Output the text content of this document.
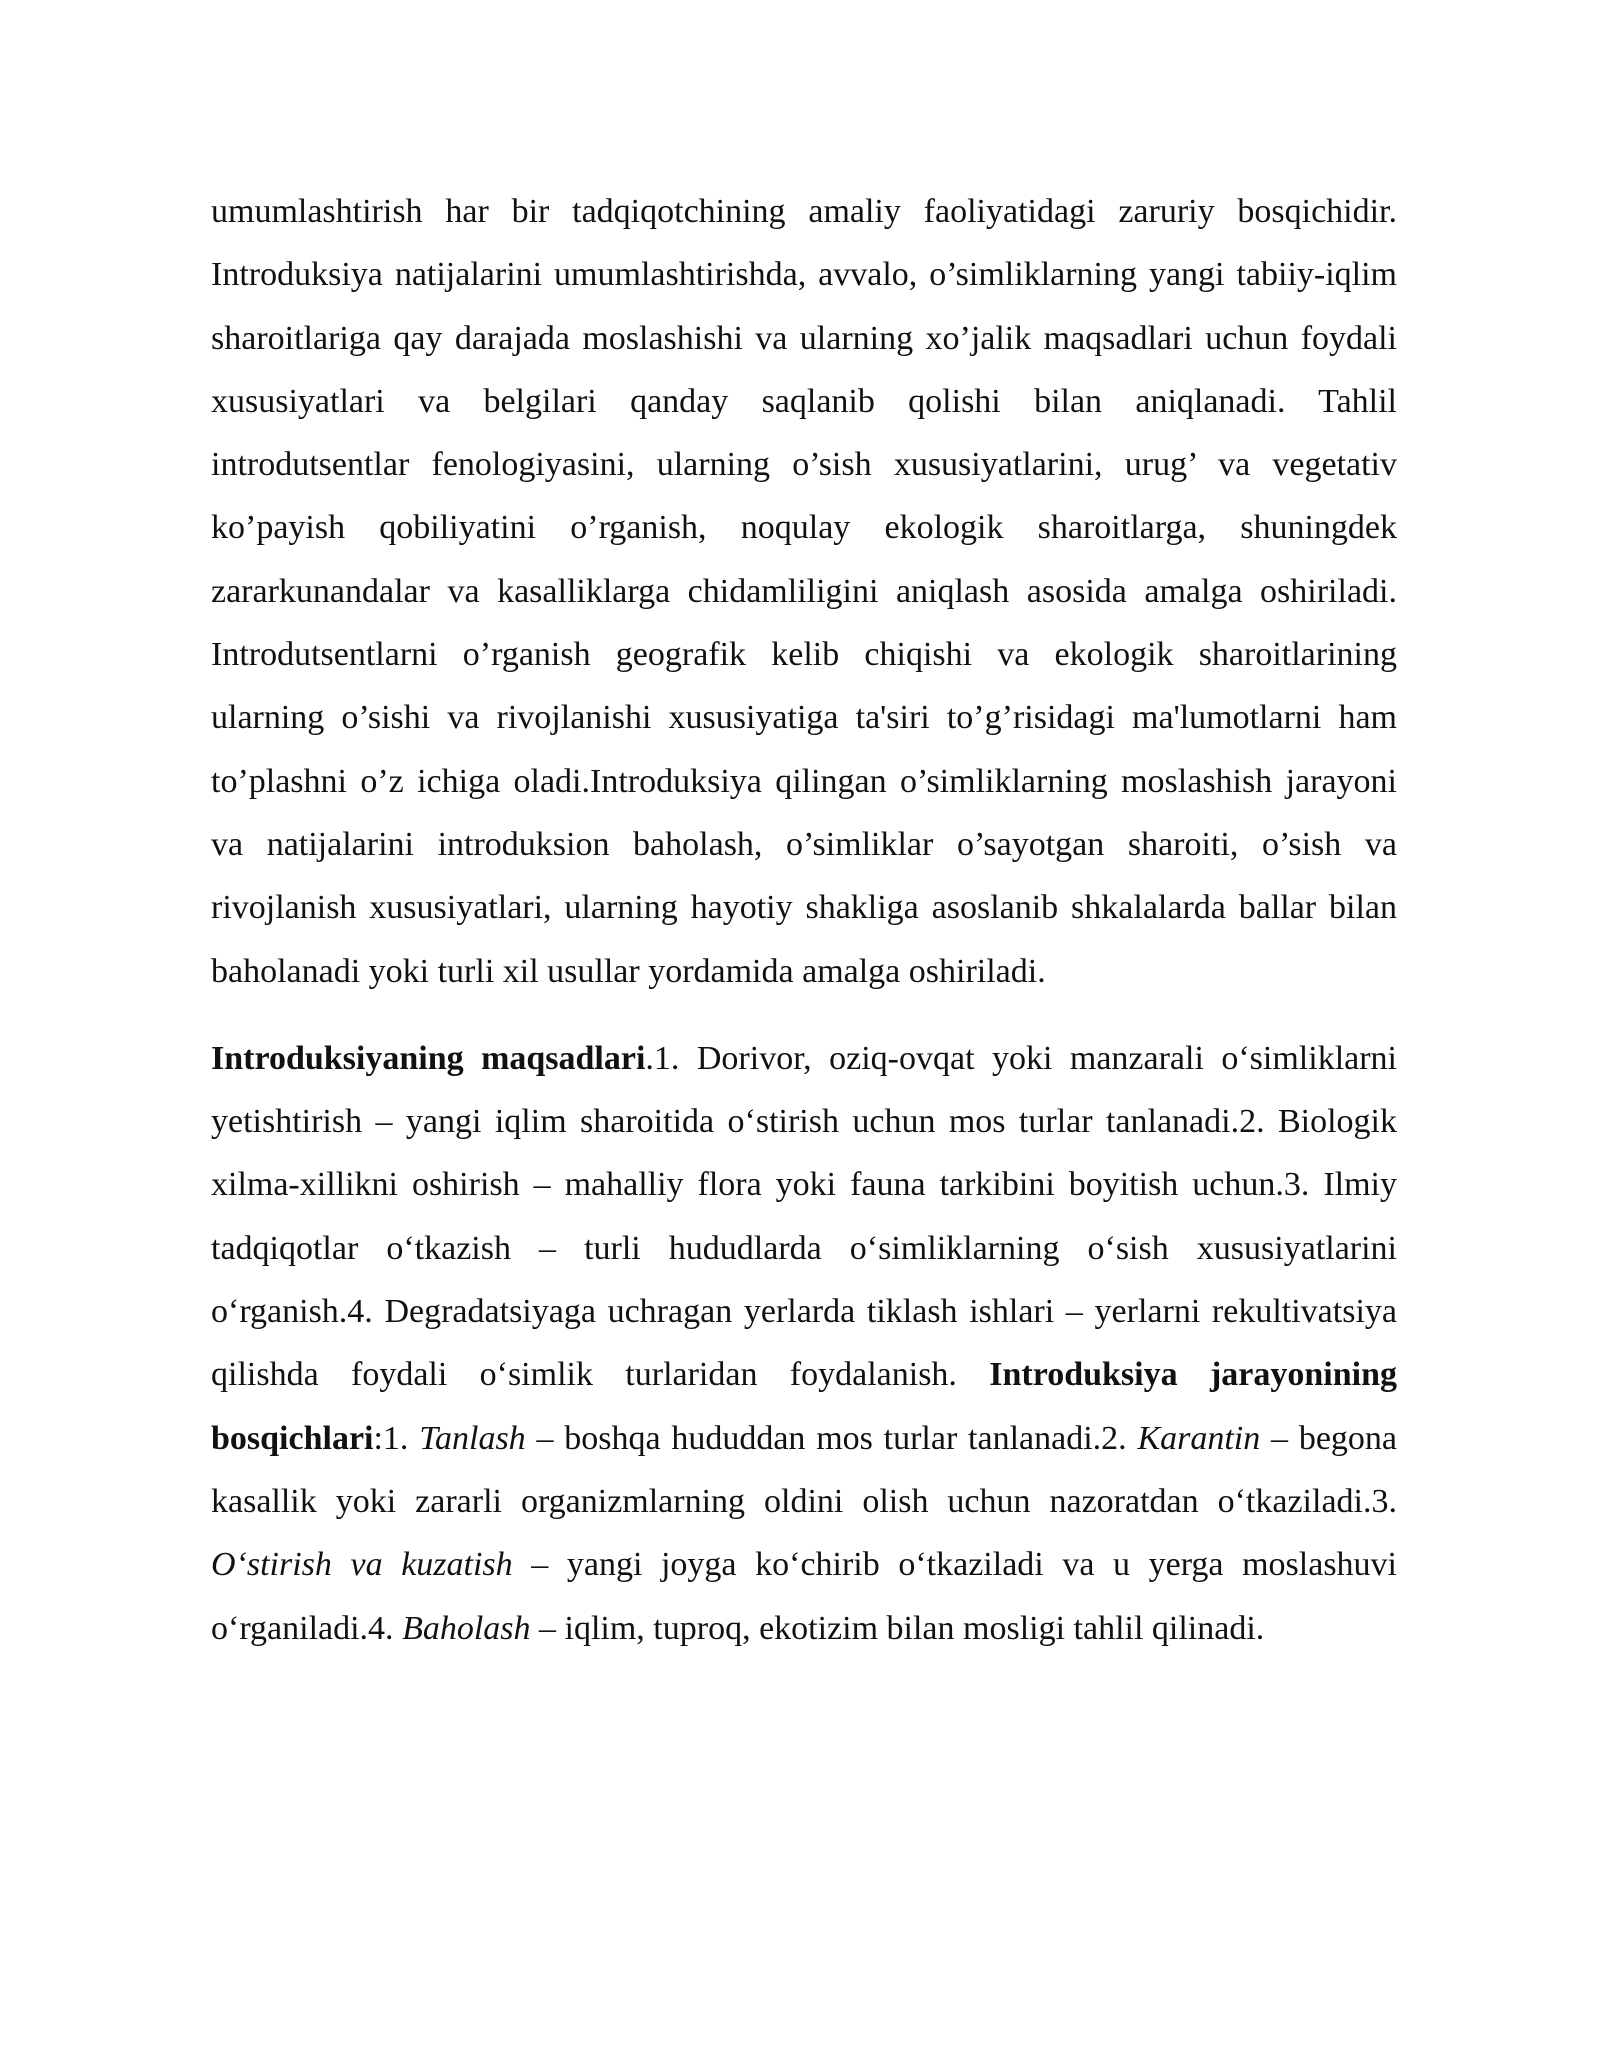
umumlashtirish har bir tadqiqotchining amaliy faoliyatidagi zaruriy bosqichidir. Introduksiya natijalarini umumlashtirishda, avvalo, o’simliklarning yangi tabiiy-iqlim sharoitlariga qay darajada moslashishi va ularning xo’jalik maqsadlari uchun foydali xususiyatlari va belgilari qanday saqlanib qolishi bilan aniqlanadi. Tahlil introdutsentlar fenologiyasini, ularning o’sish xususiyatlarini, urug’ va vegetativ ko’payish qobiliyatini o’rganish, noqulay ekologik sharoitlarga, shuningdek zararkunandalar va kasalliklarga chidamliligini aniqlash asosida amalga oshiriladi. Introdutsentlarni o’rganish geografik kelib chiqishi va ekologik sharoitlarining ularning o’sishi va rivojlanishi xususiyatiga ta'siri to’g’risidagi ma'lumotlarni ham to’plashni o’z ichiga oladi.Introduksiya qilingan o’simliklarning moslashish jarayoni va natijalarini introduksion baholash, o’simliklar o’sayotgan sharoiti, o’sish va rivojlanish xususiyatlari, ularning hayotiy shakliga asoslanib shkalalarda ballar bilan baholanadi yoki turli xil usullar yordamida amalga oshiriladi.

Introduksiyaning maqsadlari.1. Dorivor, oziq-ovqat yoki manzarali o‘simliklarni yetishtirish – yangi iqlim sharoitida o‘stirish uchun mos turlar tanlanadi.2. Biologik xilma-xillikni oshirish – mahalliy flora yoki fauna tarkibini boyitish uchun.3. Ilmiy tadqiqotlar o‘tkazish – turli hududlarda o‘simliklarning o‘sish xususiyatlarini o‘rganish.4. Degradatsiyaga uchragan yerlarda tiklash ishlari – yerlarni rekultivatsiya qilishda foydali o‘simlik turlaridan foydalanish. Introduksiya jarayonining bosqichlari:1. Tanlash – boshqa hududdan mos turlar tanlanadi.2. Karantin – begona kasallik yoki zararli organizmlarning oldini olish uchun nazoratdan o‘tkaziladi.3. O‘stirish va kuzatish – yangi joyga ko‘chirib o‘tkaziladi va u yerga moslashuvi o‘rganiladi.4. Baholash – iqlim, tuproq, ekotizim bilan mosligi tahlil qilinadi.
